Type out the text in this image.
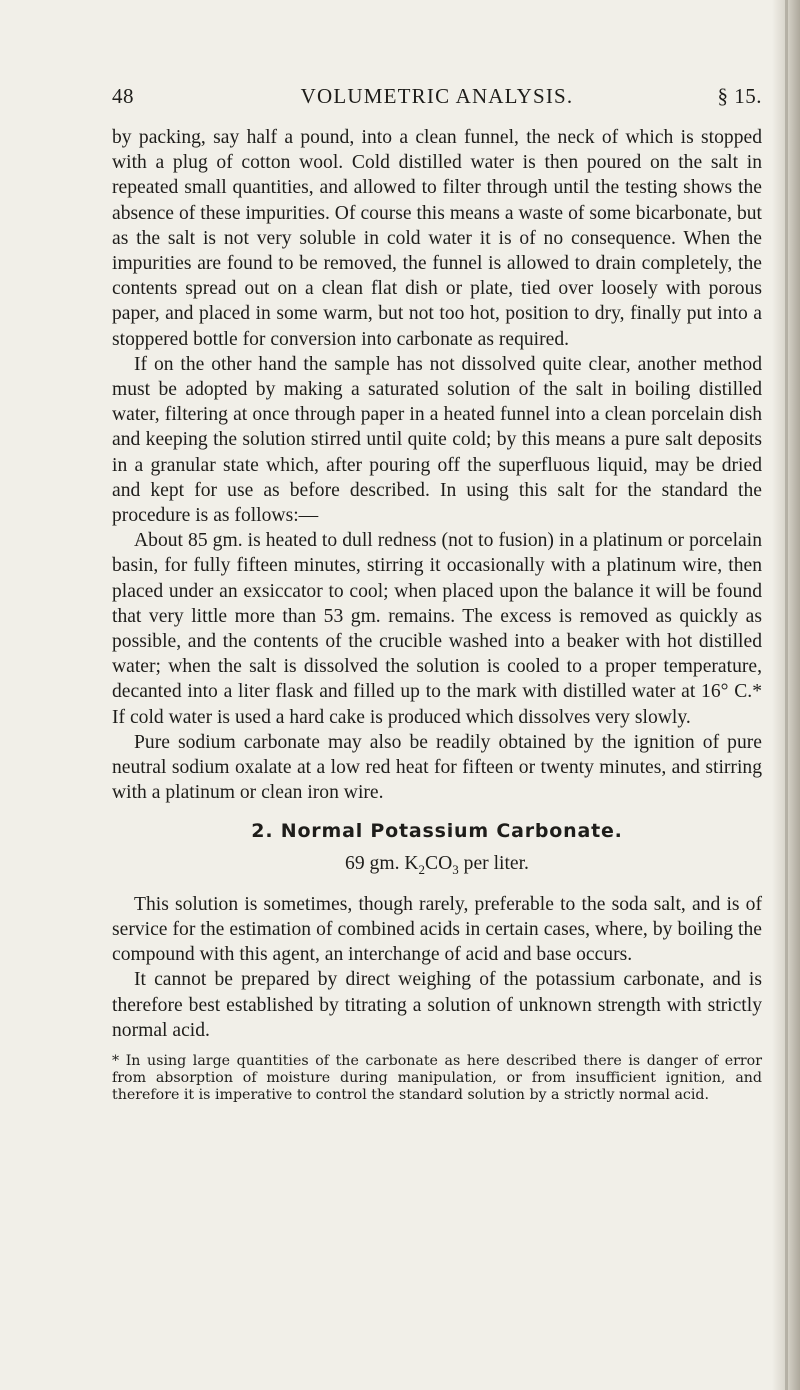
48	VOLUMETRIC ANALYSIS.	§ 15.

by packing, say half a pound, into a clean funnel, the neck of which is stopped with a plug of cotton wool. Cold distilled water is then poured on the salt in repeated small quantities, and allowed to filter through until the testing shows the absence of these impurities. Of course this means a waste of some bicarbonate, but as the salt is not very soluble in cold water it is of no consequence. When the impurities are found to be removed, the funnel is allowed to drain completely, the contents spread out on a clean flat dish or plate, tied over loosely with porous paper, and placed in some warm, but not too hot, position to dry, finally put into a stoppered bottle for conversion into carbonate as required.

If on the other hand the sample has not dissolved quite clear, another method must be adopted by making a saturated solution of the salt in boiling distilled water, filtering at once through paper in a heated funnel into a clean porcelain dish and keeping the solution stirred until quite cold; by this means a pure salt deposits in a granular state which, after pouring off the superfluous liquid, may be dried and kept for use as before described. In using this salt for the standard the procedure is as follows:—

About 85 gm. is heated to dull redness (not to fusion) in a platinum or porcelain basin, for fully fifteen minutes, stirring it occasionally with a platinum wire, then placed under an exsiccator to cool; when placed upon the balance it will be found that very little more than 53 gm. remains. The excess is removed as quickly as possible, and the contents of the crucible washed into a beaker with hot distilled water; when the salt is dissolved the solution is cooled to a proper temperature, decanted into a liter flask and filled up to the mark with distilled water at 16° C.* If cold water is used a hard cake is produced which dissolves very slowly.

Pure sodium carbonate may also be readily obtained by the ignition of pure neutral sodium oxalate at a low red heat for fifteen or twenty minutes, and stirring with a platinum or clean iron wire.

2. Normal Potassium Carbonate.
69 gm. $K_2CO_3$ per liter.

This solution is sometimes, though rarely, preferable to the soda salt, and is of service for the estimation of combined acids in certain cases, where, by boiling the compound with this agent, an interchange of acid and base occurs.

It cannot be prepared by direct weighing of the potassium carbonate, and is therefore best established by titrating a solution of unknown strength with strictly normal acid.

* In using large quantities of the carbonate as here described there is danger of error from absorption of moisture during manipulation, or from insufficient ignition, and therefore it is imperative to control the standard solution by a strictly normal acid.
